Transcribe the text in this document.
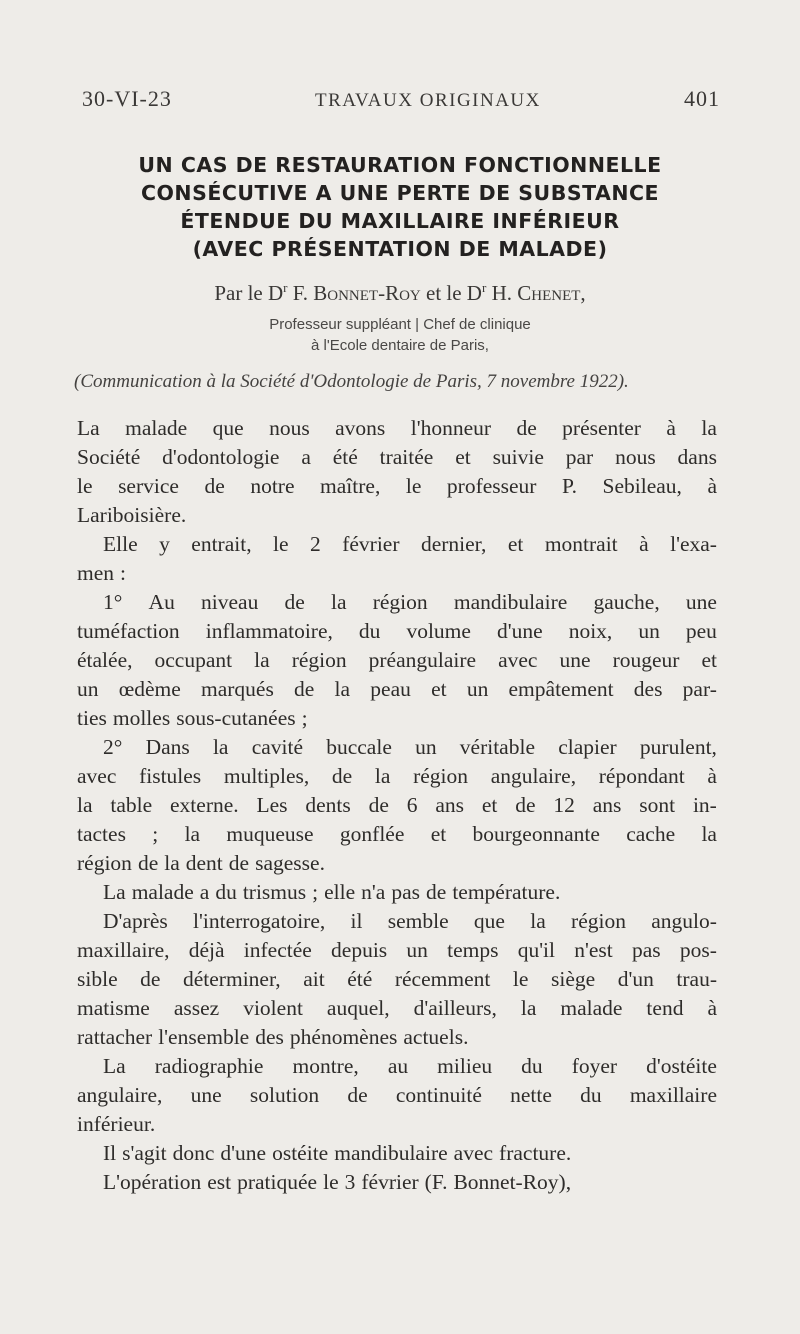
30-VI-23	TRAVAUX ORIGINAUX	401
UN CAS DE RESTAURATION FONCTIONNELLE
CONSÉCUTIVE A UNE PERTE DE SUBSTANCE
ÉTENDUE DU MAXILLAIRE INFÉRIEUR
(AVEC PRÉSENTATION DE MALADE)
Par le $D^r$ F. Bonnet-Roy et le $D^r$ H. Chenet,
Professeur suppléant | Chef de clinique
à l'Ecole dentaire de Paris,
(Communication à la Société d'Odontologie de Paris, 7 novembre 1922).
La malade que nous avons l'honneur de présenter à la
Société d'odontologie a été traitée et suivie par nous dans
le service de notre maître, le professeur P. Sebileau, à
Lariboisière.
Elle y entrait, le 2 février dernier, et montrait à l'exa-
men :
1° Au niveau de la région mandibulaire gauche, une
tuméfaction inflammatoire, du volume d'une noix, un peu
étalée, occupant la région préangulaire avec une rougeur et
un œdème marqués de la peau et un empâtement des par-
ties molles sous-cutanées ;
2° Dans la cavité buccale un véritable clapier purulent,
avec fistules multiples, de la région angulaire, répondant à
la table externe. Les dents de 6 ans et de 12 ans sont in-
tactes ; la muqueuse gonflée et bourgeonnante cache la
région de la dent de sagesse.
La malade a du trismus ; elle n'a pas de température.
D'après l'interrogatoire, il semble que la région angulo-
maxillaire, déjà infectée depuis un temps qu'il n'est pas pos-
sible de déterminer, ait été récemment le siège d'un trau-
matisme assez violent auquel, d'ailleurs, la malade tend à
rattacher l'ensemble des phénomènes actuels.
La radiographie montre, au milieu du foyer d'ostéite
angulaire, une solution de continuité nette du maxillaire
inférieur.
Il s'agit donc d'une ostéite mandibulaire avec fracture.
L'opération est pratiquée le 3 février (F. Bonnet-Roy),
